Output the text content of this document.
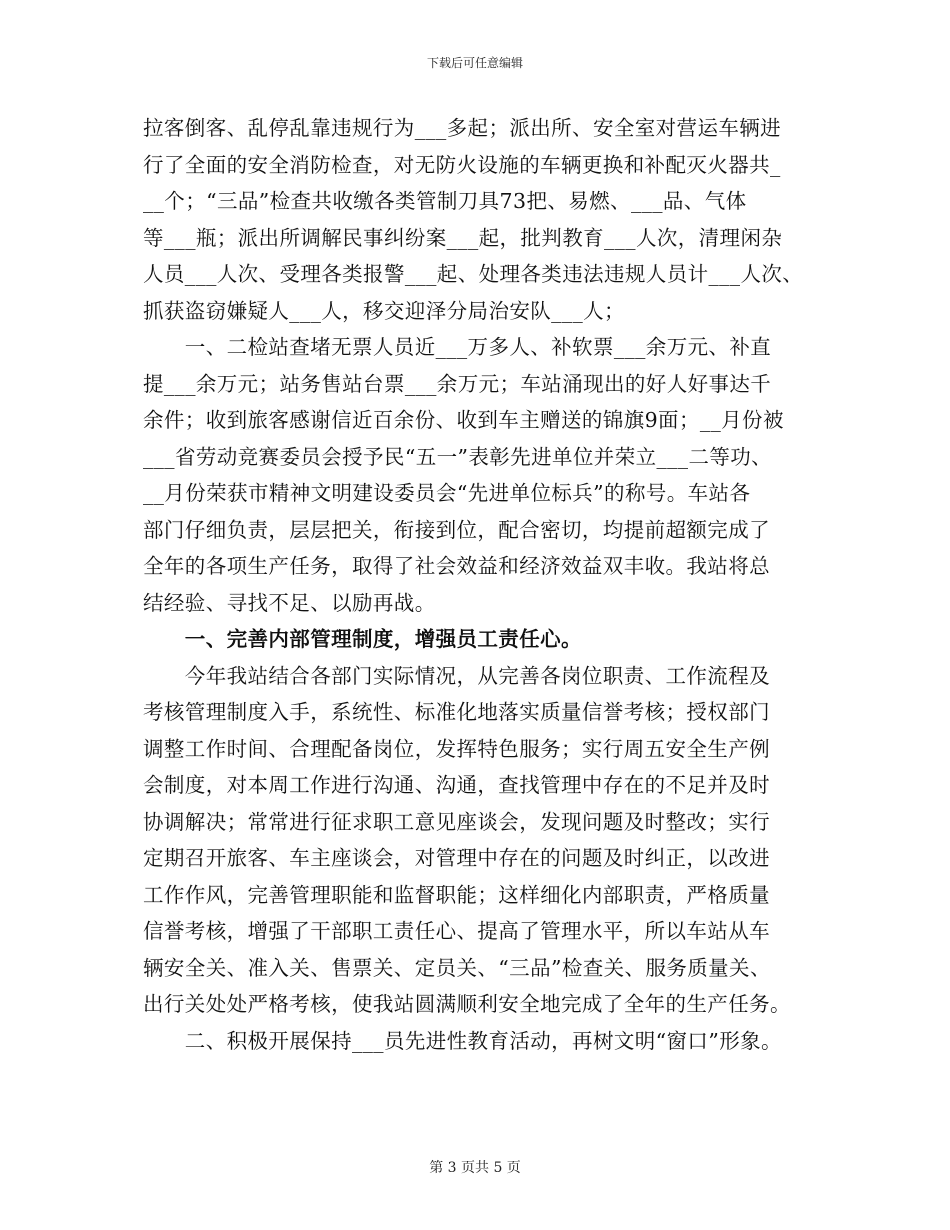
下载后可任意编辑
拉客倒客、乱停乱靠违规行为___多起；派出所、安全室对营运车辆进
行了全面的安全消防检查，对无防火设施的车辆更换和补配灭火器共_
__个；“三品”检查共收缴各类管制刀具73把、易燃、___品、气体
等___瓶；派出所调解民事纠纷案___起，批判教育___人次，清理闲杂
人员___人次、受理各类报警___起、处理各类违法违规人员计___人次、
抓获盗窃嫌疑人___人，移交迎泽分局治安队___人；
　　一、二检站查堵无票人员近___万多人、补软票___余万元、补直
提___余万元；站务售站台票___余万元；车站涌现出的好人好事达千
余件；收到旅客感谢信近百余份、收到车主赠送的锦旗9面；__月份被
___省劳动竞赛委员会授予民“五一”表彰先进单位并荣立___二等功、
__月份荣获市精神文明建设委员会“先进单位标兵”的称号。车站各
部门仔细负责，层层把关，衔接到位，配合密切，均提前超额完成了
全年的各项生产任务，取得了社会效益和经济效益双丰收。我站将总
结经验、寻找不足、以励再战。
　　一、完善内部管理制度，增强员工责任心。
　　今年我站结合各部门实际情况，从完善各岗位职责、工作流程及
考核管理制度入手，系统性、标准化地落实质量信誉考核；授权部门
调整工作时间、合理配备岗位，发挥特色服务；实行周五安全生产例
会制度，对本周工作进行沟通、沟通，查找管理中存在的不足并及时
协调解决；常常进行征求职工意见座谈会，发现问题及时整改；实行
定期召开旅客、车主座谈会，对管理中存在的问题及时纠正，以改进
工作作风，完善管理职能和监督职能；这样细化内部职责，严格质量
信誉考核，增强了干部职工责任心、提高了管理水平，所以车站从车
辆安全关、准入关、售票关、定员关、“三品”检查关、服务质量关、
出行关处处严格考核，使我站圆满顺利安全地完成了全年的生产任务。
　　二、积极开展保持___员先进性教育活动，再树文明“窗口”形象。
第 3 页共 5 页
